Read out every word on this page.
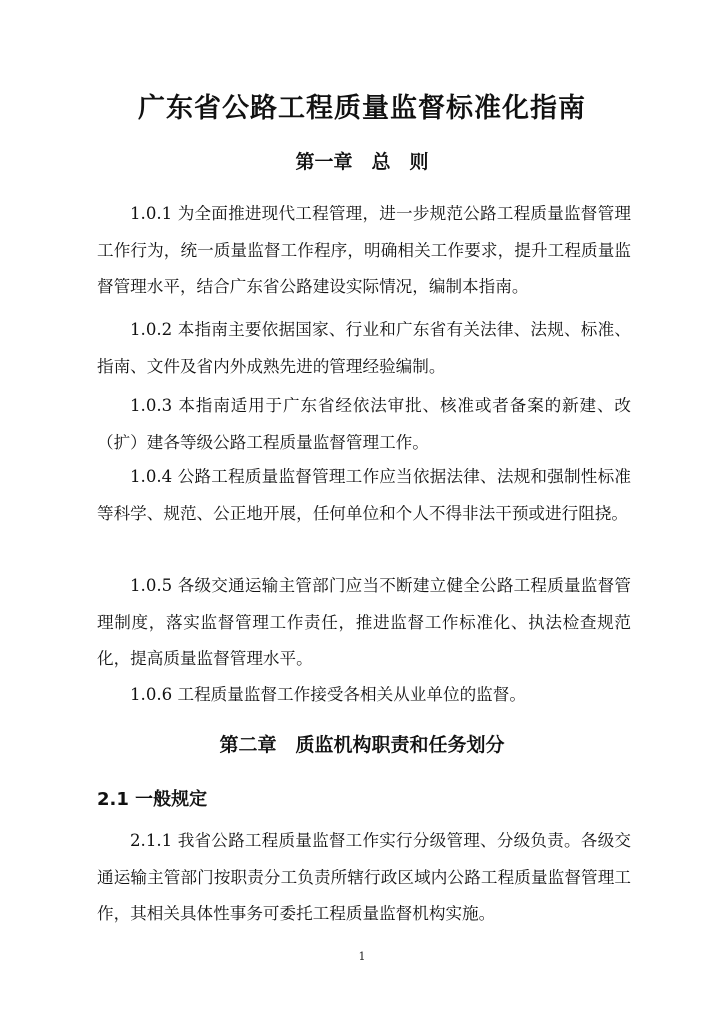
广东省公路工程质量监督标准化指南
第一章　总　则

1.0.1 为全面推进现代工程管理，进一步规范公路工程质量监督管理工作行为，统一质量监督工作程序，明确相关工作要求，提升工程质量监督管理水平，结合广东省公路建设实际情况，编制本指南。

1.0.2 本指南主要依据国家、行业和广东省有关法律、法规、标准、指南、文件及省内外成熟先进的管理经验编制。

1.0.3 本指南适用于广东省经依法审批、核准或者备案的新建、改（扩）建各等级公路工程质量监督管理工作。

1.0.4 公路工程质量监督管理工作应当依据法律、法规和强制性标准等科学、规范、公正地开展，任何单位和个人不得非法干预或进行阻挠。

1.0.5 各级交通运输主管部门应当不断建立健全公路工程质量监督管理制度，落实监督管理工作责任，推进监督工作标准化、执法检查规范化，提高质量监督管理水平。

1.0.6 工程质量监督工作接受各相关从业单位的监督。

第二章　质监机构职责和任务划分
2.1 一般规定

2.1.1 我省公路工程质量监督工作实行分级管理、分级负责。各级交通运输主管部门按职责分工负责所辖行政区域内公路工程质量监督管理工作，其相关具体性事务可委托工程质量监督机构实施。

1
